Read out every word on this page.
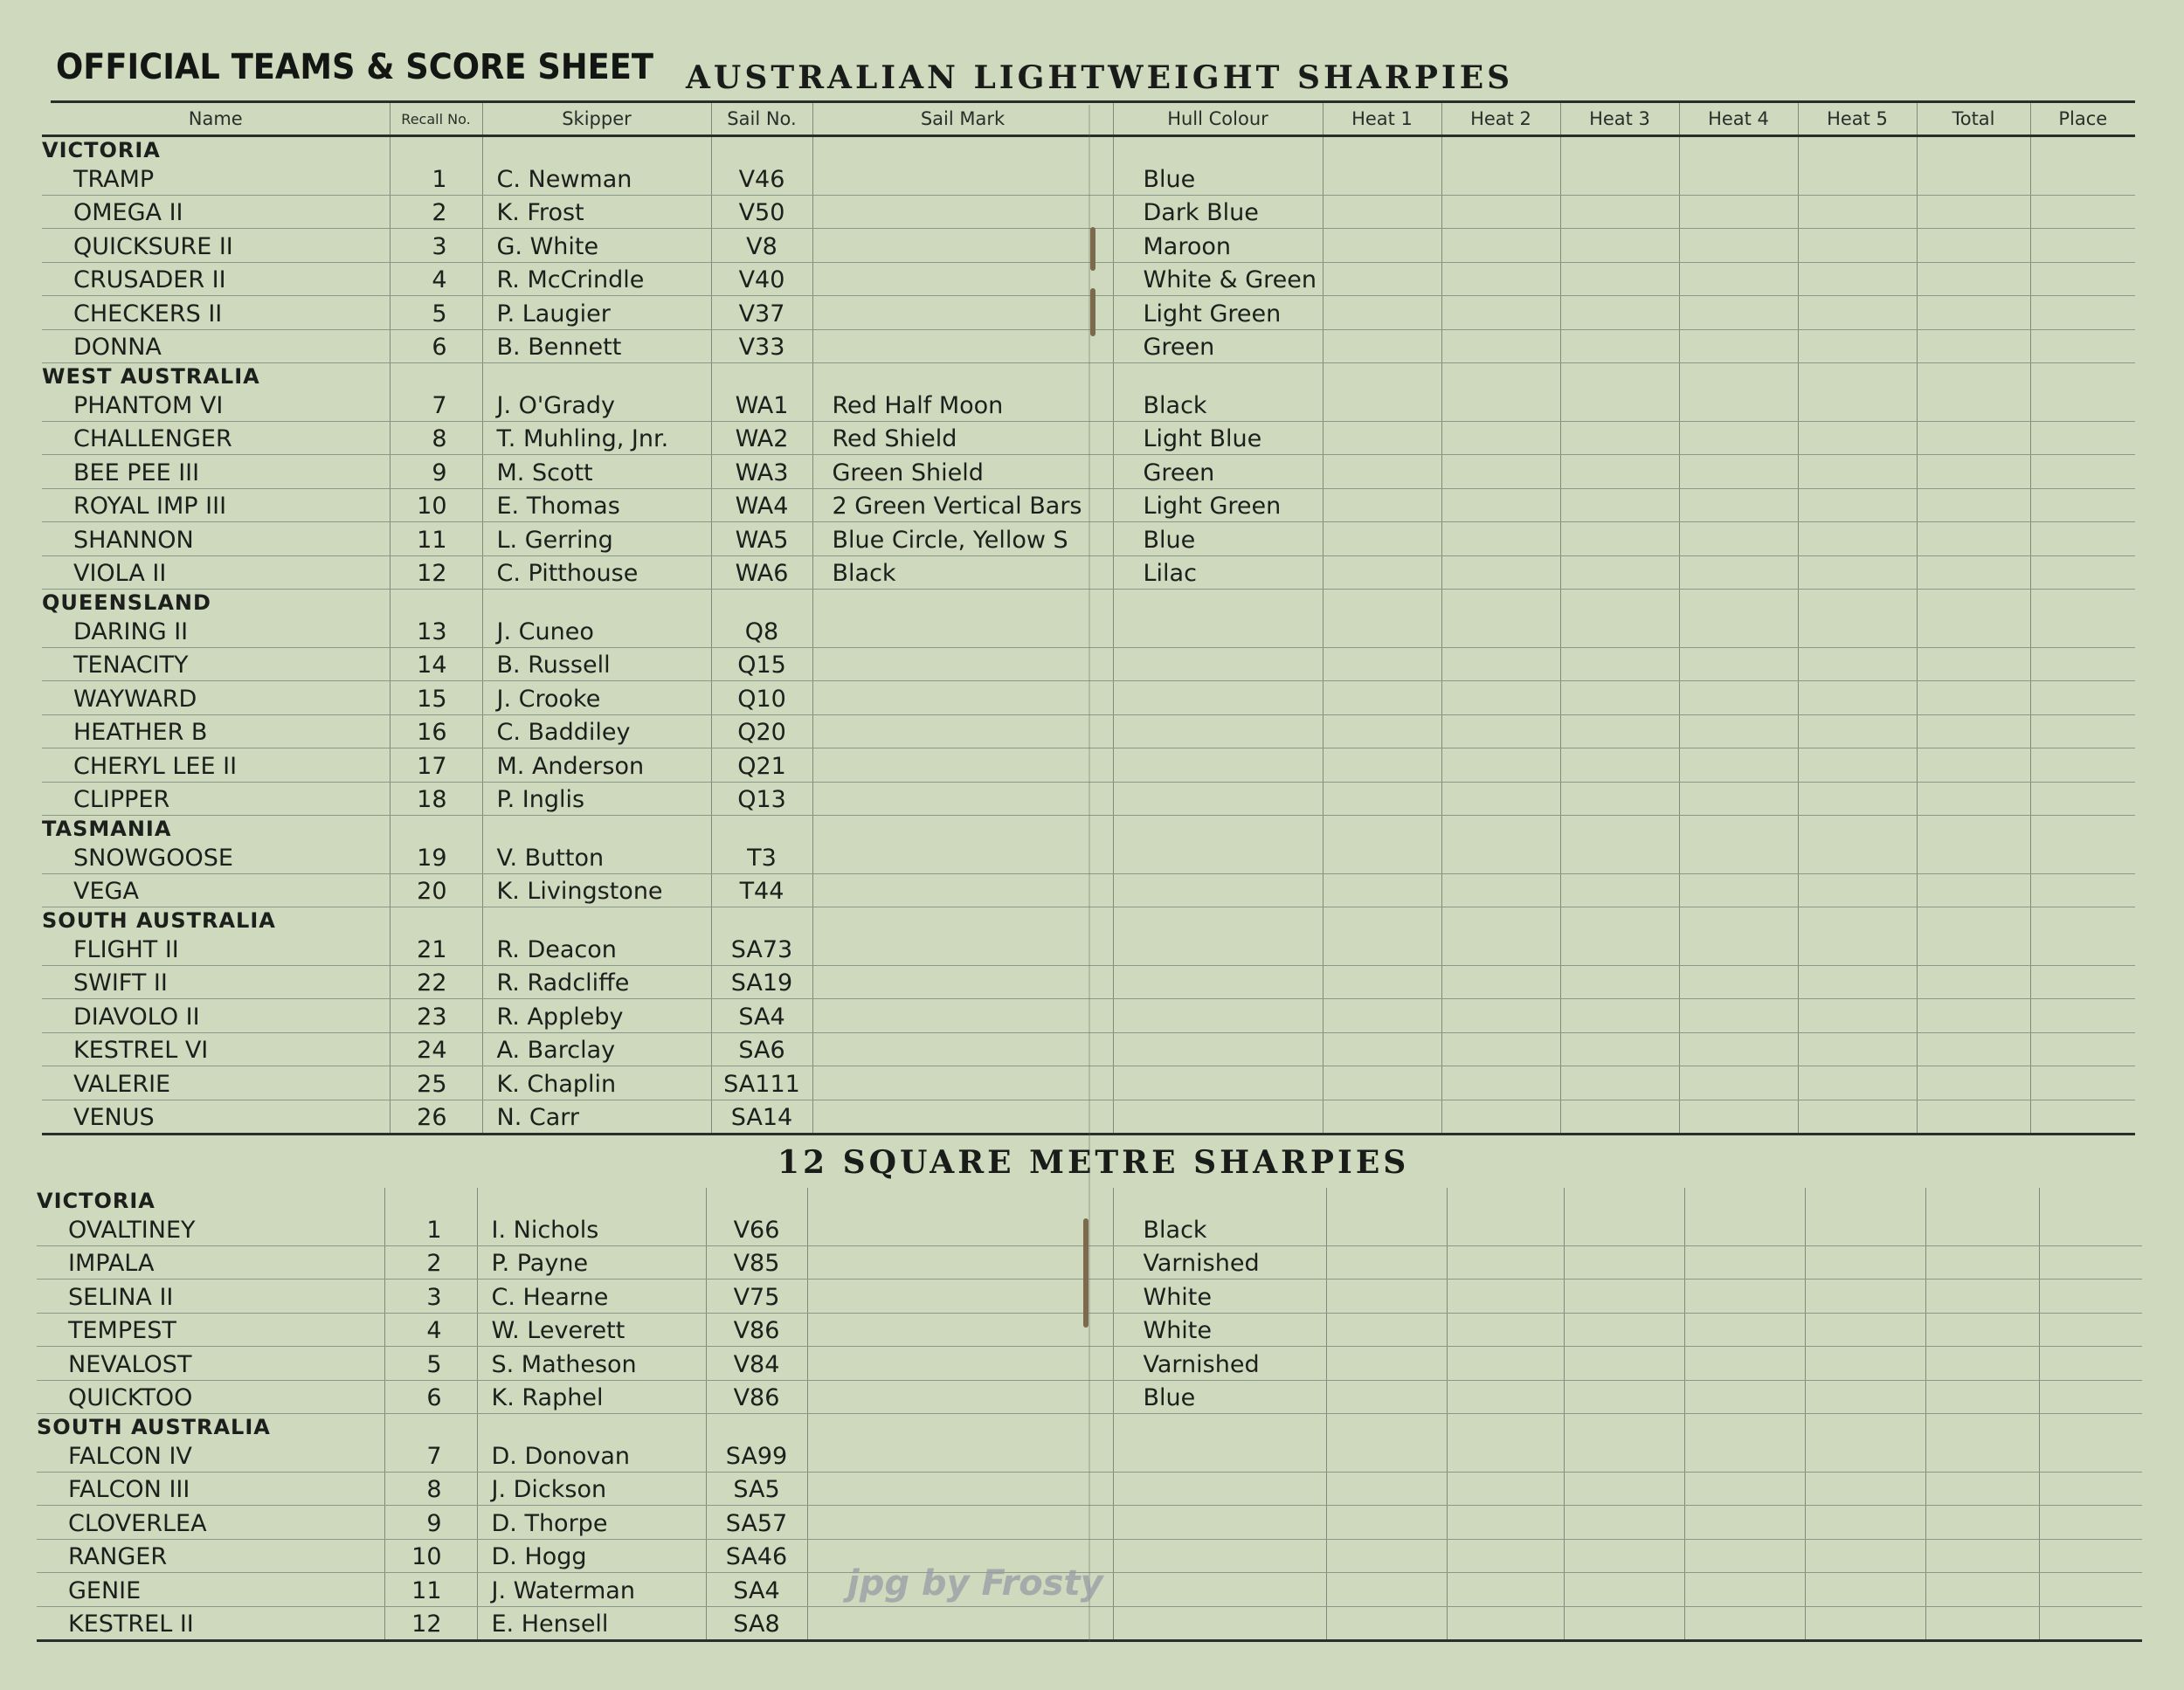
OFFICIAL TEAMS & SCORE SHEET AUSTRALIAN LIGHTWEIGHT SHARPIES
Name	Recall No.	Skipper	Sail No.	Sail Mark	Hull Colour	Heat 1	Heat 2	Heat 3	Heat 4	Heat 5	Total	Place
VICTORIA												
TRAMP	1	C. Newman	V46		Blue							
OMEGA II	2	K. Frost	V50		Dark Blue							
QUICKSURE II	3	G. White	V8		Maroon							
CRUSADER II	4	R. McCrindle	V40		White & Green							
CHECKERS II	5	P. Laugier	V37		Light Green							
DONNA	6	B. Bennett	V33		Green							
WEST AUSTRALIA												
PHANTOM VI	7	J. O'Grady	WA1	Red Half Moon	Black							
CHALLENGER	8	T. Muhling, Jnr.	WA2	Red Shield	Light Blue							
BEE PEE III	9	M. Scott	WA3	Green Shield	Green							
ROYAL IMP III	10	E. Thomas	WA4	2 Green Vertical Bars	Light Green							
SHANNON	11	L. Gerring	WA5	Blue Circle, Yellow S	Blue							
VIOLA II	12	C. Pitthouse	WA6	Black	Lilac							
QUEENSLAND												
DARING II	13	J. Cuneo	Q8									
TENACITY	14	B. Russell	Q15									
WAYWARD	15	J. Crooke	Q10									
HEATHER B	16	C. Baddiley	Q20									
CHERYL LEE II	17	M. Anderson	Q21									
CLIPPER	18	P. Inglis	Q13									
TASMANIA												
SNOWGOOSE	19	V. Button	T3									
VEGA	20	K. Livingstone	T44									
SOUTH AUSTRALIA												
FLIGHT II	21	R. Deacon	SA73									
SWIFT II	22	R. Radcliffe	SA19									
DIAVOLO II	23	R. Appleby	SA4									
KESTREL VI	24	A. Barclay	SA6									
VALERIE	25	K. Chaplin	SA111									
VENUS	26	N. Carr	SA14									
12 SQUARE METRE SHARPIES
VICTORIA												
OVALTINEY	1	I. Nichols	V66		Black							
IMPALA	2	P. Payne	V85		Varnished							
SELINA II	3	C. Hearne	V75		White							
TEMPEST	4	W. Leverett	V86		White							
NEVALOST	5	S. Matheson	V84		Varnished							
QUICKTOO	6	K. Raphel	V86		Blue							
SOUTH AUSTRALIA												
FALCON IV	7	D. Donovan	SA99									
FALCON III	8	J. Dickson	SA5									
CLOVERLEA	9	D. Thorpe	SA57									
RANGER	10	D. Hogg	SA46									
GENIE	11	J. Waterman	SA4									
KESTREL II	12	E. Hensell	SA8									
jpg by Frosty
